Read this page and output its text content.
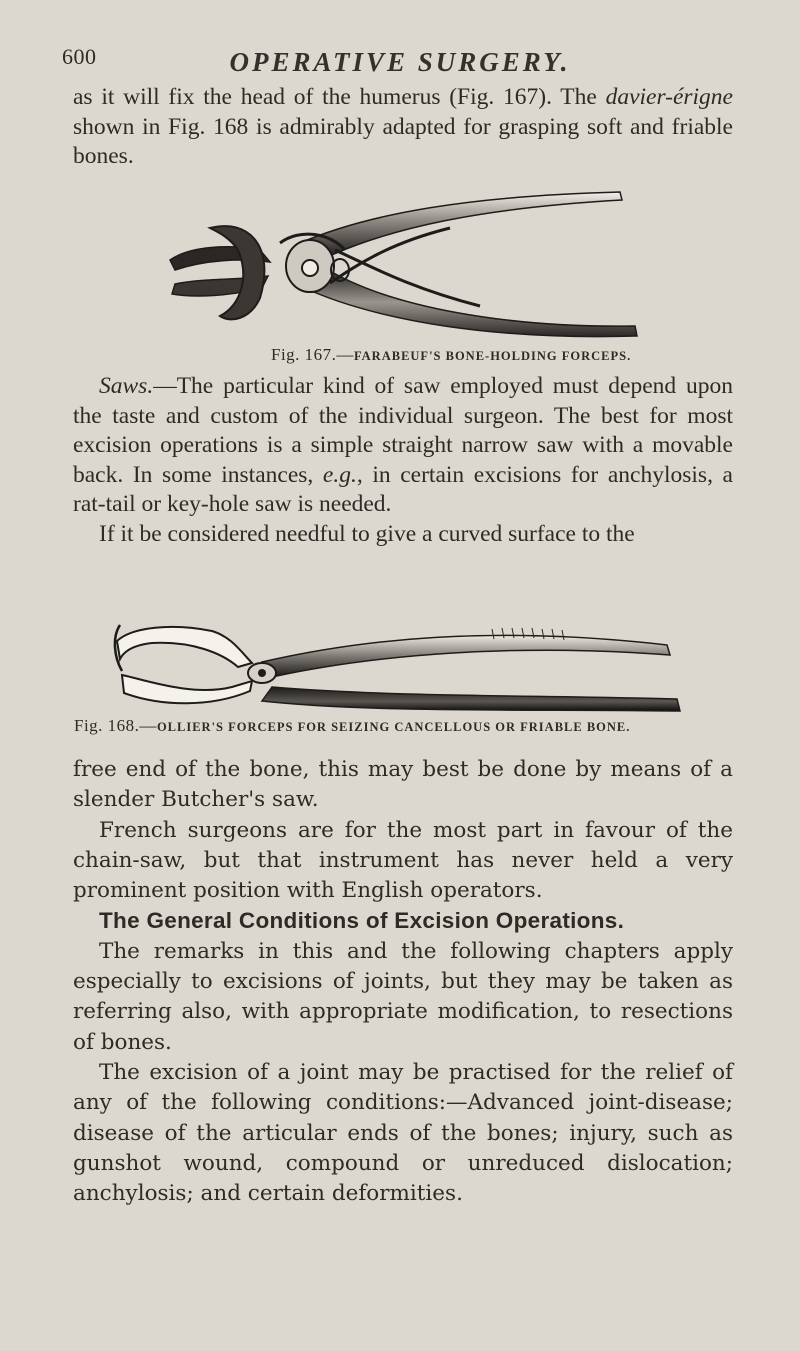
600	OPERATIVE SURGERY.

as it will fix the head of the humerus (Fig. 167). The davier-érigne shown in Fig. 168 is admirably adapted for grasping soft and friable bones.

Fig. 167.—FARABEUF'S BONE-HOLDING FORCEPS.

Saws.—The particular kind of saw employed must depend upon the taste and custom of the individual surgeon. The best for most excision operations is a simple straight narrow saw with a movable back. In some instances, e.g., in certain excisions for anchylosis, a rat-tail or key-hole saw is needed.

If it be considered needful to give a curved surface to the

Fig. 168.—OLLIER'S FORCEPS FOR SEIZING CANCELLOUS OR FRIABLE BONE.

free end of the bone, this may best be done by means of a slender Butcher's saw.

French surgeons are for the most part in favour of the chain-saw, but that instrument has never held a very prominent position with English operators.

The General Conditions of Excision Operations.

The remarks in this and the following chapters apply especially to excisions of joints, but they may be taken as referring also, with appropriate modification, to resections of bones.

The excision of a joint may be practised for the relief of any of the following conditions:—Advanced joint-disease; disease of the articular ends of the bones; injury, such as gunshot wound, compound or unreduced dislocation; anchylosis; and certain deformities.
